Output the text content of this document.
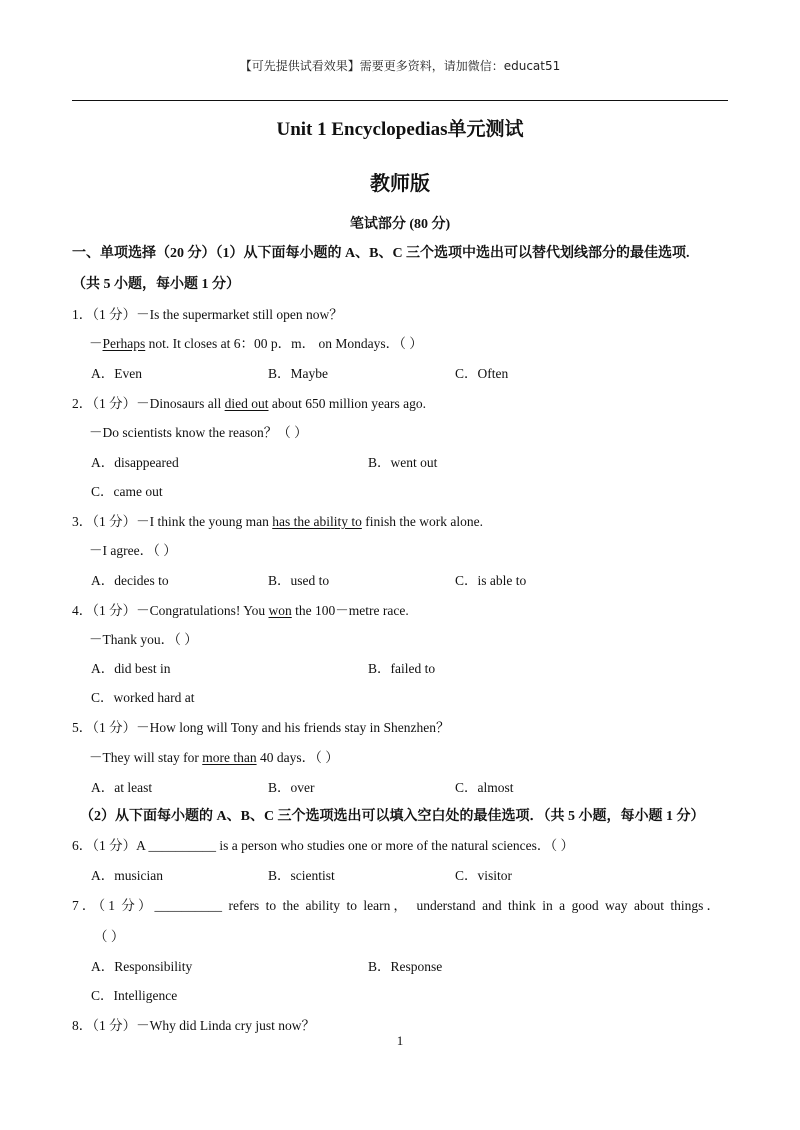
【可先提供试看效果】需要更多资料，请加微信：educat51
Unit 1 Encyclopedias单元测试
教师版
笔试部分 (80 分)
一、单项选择（20 分）（1）从下面每小题的 A、B、C 三个选项中选出可以替代划线部分的最佳选项.
（共 5 小题，每小题 1 分）
1．（1 分）－Is the supermarket still open now？
－Perhaps not. It closes at 6：00 p．m． on Mondays．（ ）
A．Even	B．Maybe	C．Often
2．（1 分）－Dinosaurs all died out about 650 million years ago.
－Do scientists know the reason？（ ）
A．disappeared	B．went out
C．came out
3．（1 分）－I think the young man has the ability to finish the work alone.
－I agree．（ ）
A．decides to	B．used to	C．is able to
4．（1 分）－Congratulations! You won the 100－metre race.
－Thank you．（ ）
A．did best in	B．failed to
C．worked hard at
5．（1 分）－How long will Tony and his friends stay in Shenzhen？
－They will stay for more than 40 days．（ ）
A．at least	B．over	C．almost
（2）从下面每小题的 A、B、C 三个选项选出可以填入空白处的最佳选项．（共 5 小题，每小题 1 分）
6．（1 分）A __________ is a person who studies one or more of the natural sciences．（ ）
A．musician	B．scientist	C．visitor
7．（1 分）__________ refers to the ability to learn， understand and think in a good way about things．
（ ）
A．Responsibility	B．Response
C．Intelligence
8．（1 分）－Why did Linda cry just now？
1
